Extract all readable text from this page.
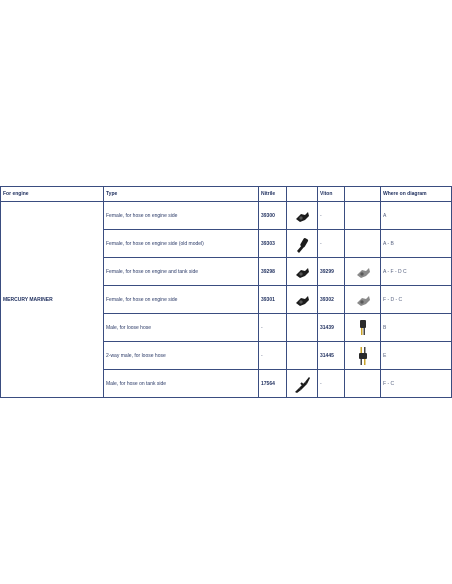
For engine	Type	Nitrile		Viton		Where on diagram
MERCURY MARINER	Female, for hose on engine side	39300		-		A
	Female, for hose on engine side (old model)	39303		-		A - B
	Female, for hose on engine and tank side	39298		39299		A - F - D C
	Female, for hose on engine side	39301		39302		F - D - C
	Male, for loose hose	-		31439		B
	2-way male, for loose hose	-		31445		E
	Male, for hose on tank side	17564		-		F - C
